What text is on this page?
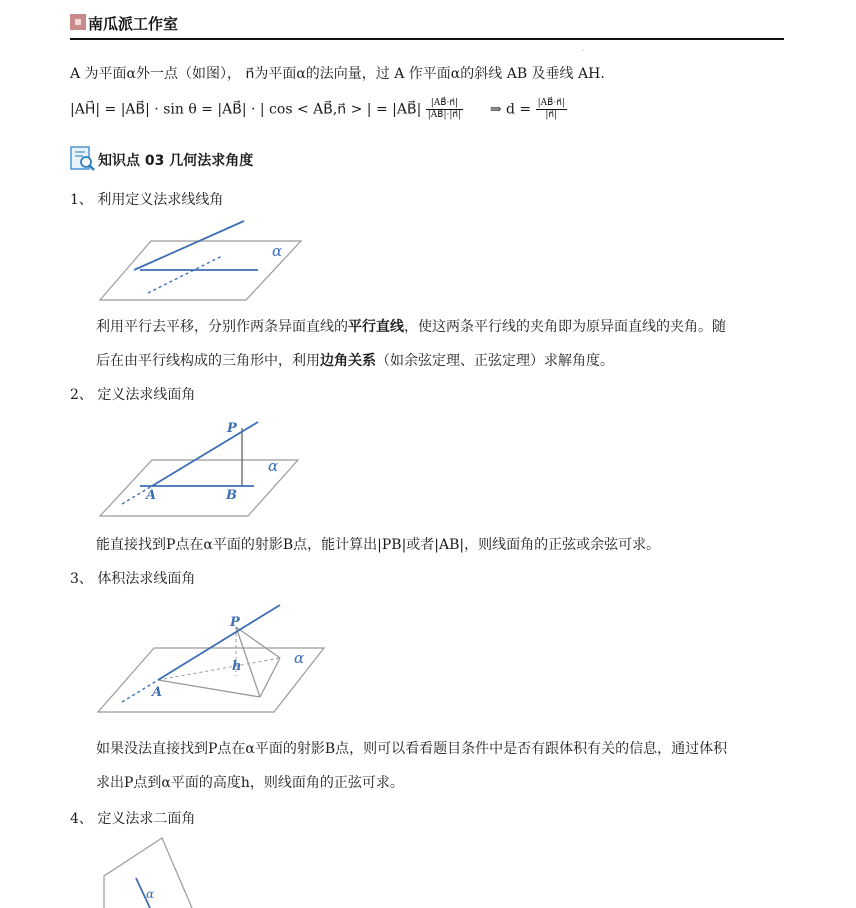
南瓜派工作室
·
A 为平面α外一点（如图）， n⃗为平面α的法向量，过 A 作平面α的斜线 AB 及垂线 AH.
|AH⃗| = |AB⃗| · sin θ = |AB⃗| · | cos < AB⃗,n⃗ > | = |AB⃗| $\frac{|AB⃗\cdot n⃗|}{|AB⃗|\cdot|n⃗|}$ ⇒ $d = \frac{|AB⃗\cdot n⃗|}{|n⃗|}$
知识点 03 几何法求角度
1、 利用定义法求线线角
α
利用平行去平移，分别作两条异面直线的平行直线，使这两条平行线的夹角即为原异面直线的夹角。随
后在由平行线构成的三角形中，利用边角关系（如余弦定理、正弦定理）求解角度。
2、 定义法求线面角
P
A	B
α
能直接找到P点在α平面的射影B点，能计算出|PB|或者|AB|，则线面角的正弦或余弦可求。
3、 体积法求线面角
P
A
h	α
如果没法直接找到P点在α平面的射影B点，则可以看看题目条件中是否有跟体积有关的信息，通过体积
求出P点到α平面的高度h，则线面角的正弦可求。
4、 定义法求二面角
α
